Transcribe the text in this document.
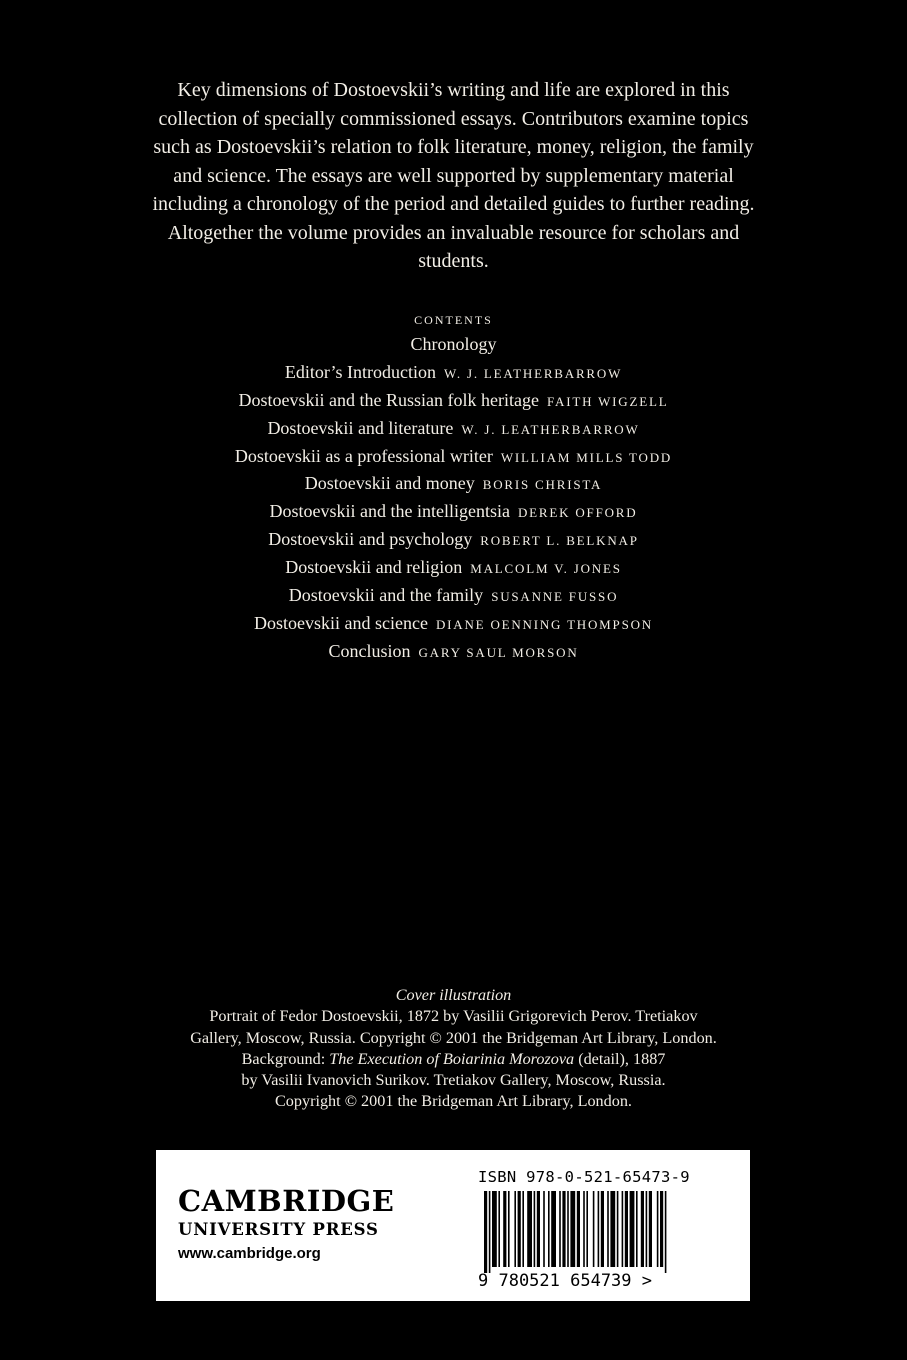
Key dimensions of Dostoevskii’s writing and life are explored in this collection of specially commissioned essays. Contributors examine topics such as Dostoevskii’s relation to folk literature, money, religion, the family and science. The essays are well supported by supplementary material including a chronology of the period and detailed guides to further reading. Altogether the volume provides an invaluable resource for scholars and students.

CONTENTS
Chronology
Editor’s Introduction W. J. LEATHERBARROW
Dostoevskii and the Russian folk heritage FAITH WIGZELL
Dostoevskii and literature W. J. LEATHERBARROW
Dostoevskii as a professional writer WILLIAM MILLS TODD
Dostoevskii and money BORIS CHRISTA
Dostoevskii and the intelligentsia DEREK OFFORD
Dostoevskii and psychology ROBERT L. BELKNAP
Dostoevskii and religion MALCOLM V. JONES
Dostoevskii and the family SUSANNE FUSSO
Dostoevskii and science DIANE OENNING THOMPSON
Conclusion GARY SAUL MORSON
Cover illustration
Portrait of Fedor Dostoevskii, 1872 by Vasilii Grigorevich Perov. Tretiakov
Gallery, Moscow, Russia. Copyright © 2001 the Bridgeman Art Library, London.
Background: The Execution of Boiarinia Morozova (detail), 1887
by Vasilii Ivanovich Surikov. Tretiakov Gallery, Moscow, Russia.
Copyright © 2001 the Bridgeman Art Library, London.
CAMBRIDGE
UNIVERSITY PRESS
www.cambridge.org
ISBN 978-0-521-65473-9
9 780521 654739 >
